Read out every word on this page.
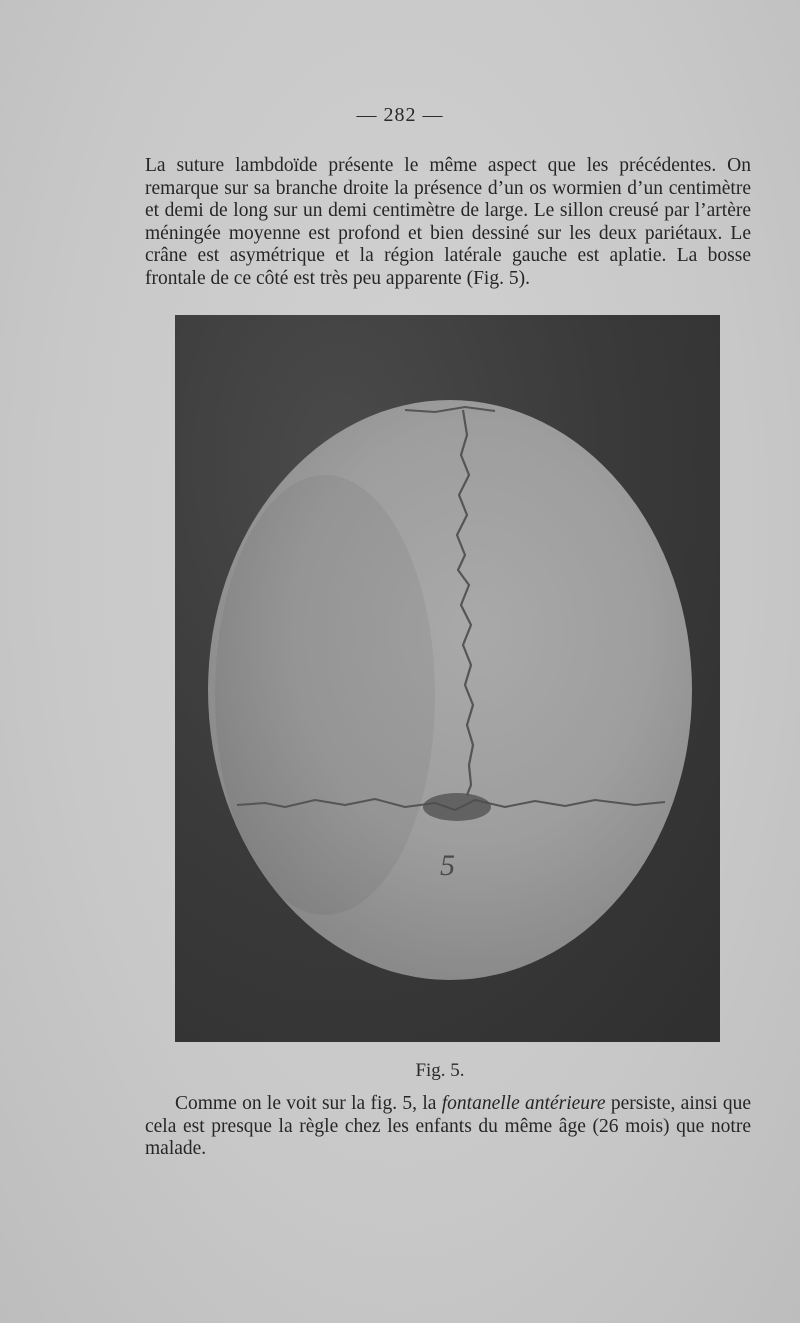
— 282 —
La suture lambdoïde présente le même aspect que les précédentes. On remarque sur sa branche droite la présence d’un os wormien d’un centimètre et demi de long sur un demi centimètre de large. Le sillon creusé par l’artère méningée moyenne est profond et bien dessiné sur les deux pariétaux. Le crâne est asymétrique et la région latérale gauche est aplatie. La bosse frontale de ce côté est très peu apparente (Fig. 5).
5
Fig. 5.
Comme on le voit sur la fig. 5, la fontanelle antérieure persiste, ainsi que cela est presque la règle chez les enfants du même âge (26 mois) que notre malade.
